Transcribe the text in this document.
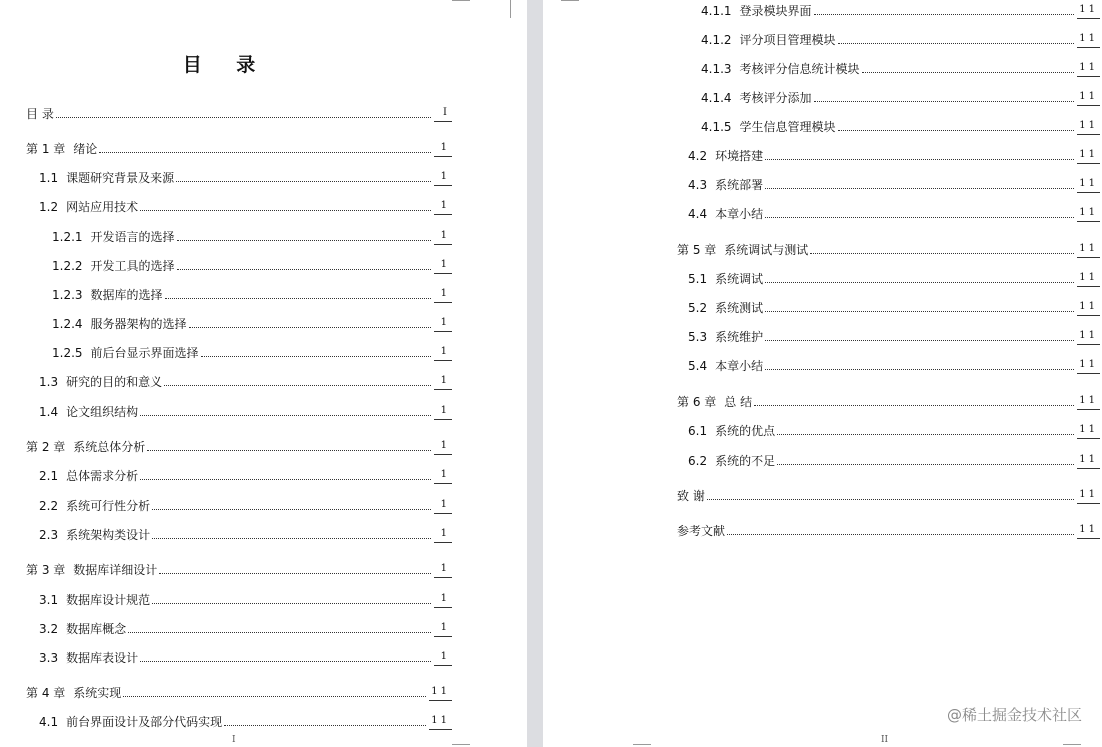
目 录
目 录	Ⅰ
第 1 章 绪论	1
1.1 课题研究背景及来源	1
1.2 网站应用技术	1
1.2.1 开发语言的选择	1
1.2.2 开发工具的选择	1
1.2.3 数据库的选择	1
1.2.4 服务器架构的选择	1
1.2.5 前后台显示界面选择	1
1.3 研究的目的和意义	1
1.4 论文组织结构	1
第 2 章 系统总体分析	1
2.1 总体需求分析	1
2.2 系统可行性分析	1
2.3 系统架构类设计	1
第 3 章 数据库详细设计	1
3.1 数据库设计规范	1
3.2 数据库概念	1
3.3 数据库表设计	1
第 4 章 系统实现	11
4.1 前台界面设计及部分代码实现	11
I
4.1.1 登录模块界面	11
4.1.2 评分项目管理模块	11
4.1.3 考核评分信息统计模块	11
4.1.4 考核评分添加	11
4.1.5 学生信息管理模块	11
4.2 环境搭建	11
4.3 系统部署	11
4.4 本章小结	11
第 5 章 系统调试与测试	11
5.1 系统调试	11
5.2 系统测试	11
5.3 系统维护	11
5.4 本章小结	11
第 6 章 总 结	11
6.1 系统的优点	11
6.2 系统的不足	11
致 谢	11
参考文献	11
II
@稀土掘金技术社区
